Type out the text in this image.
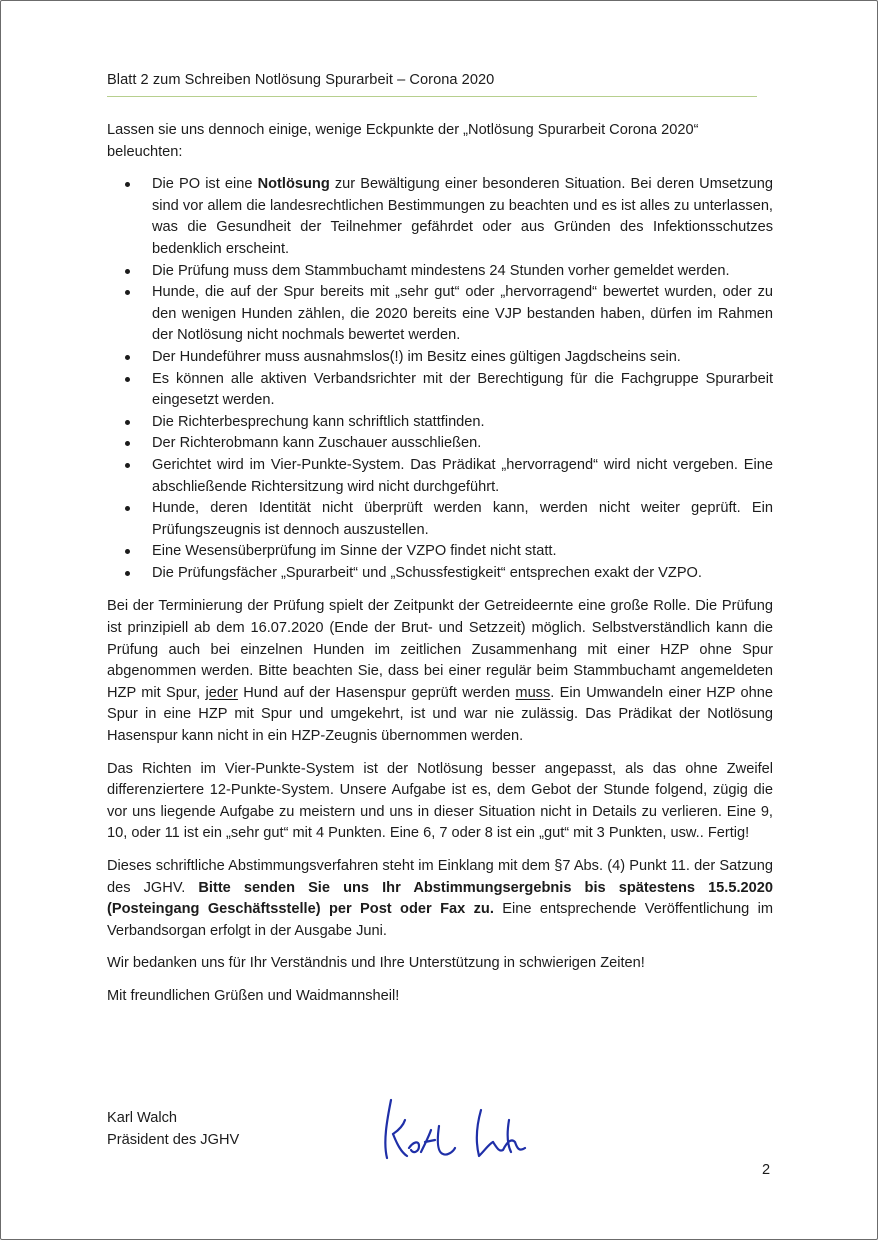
Blatt 2 zum Schreiben Notlösung Spurarbeit – Corona 2020

Lassen sie uns dennoch einige, wenige Eckpunkte der „Notlösung Spurarbeit Corona 2020“ beleuchten:

Die PO ist eine Notlösung zur Bewältigung einer besonderen Situation. Bei deren Umsetzung sind vor allem die landesrechtlichen Bestimmungen zu beachten und es ist alles zu unterlassen, was die Gesundheit der Teilnehmer gefährdet oder aus Gründen des Infektionsschutzes bedenklich erscheint.
Die Prüfung muss dem Stammbuchamt mindestens 24 Stunden vorher gemeldet werden.
Hunde, die auf der Spur bereits mit „sehr gut“ oder „hervorragend“ bewertet wurden, oder zu den wenigen Hunden zählen, die 2020 bereits eine VJP bestanden haben, dürfen im Rahmen der Notlösung nicht nochmals bewertet werden.
Der Hundeführer muss ausnahmslos(!) im Besitz eines gültigen Jagdscheins sein.
Es können alle aktiven Verbandsrichter mit der Berechtigung für die Fachgruppe Spurarbeit eingesetzt werden.
Die Richterbesprechung kann schriftlich stattfinden.
Der Richterobmann kann Zuschauer ausschließen.
Gerichtet wird im Vier-Punkte-System. Das Prädikat „hervorragend“ wird nicht vergeben. Eine abschließende Richtersitzung wird nicht durchgeführt.
Hunde, deren Identität nicht überprüft werden kann, werden nicht weiter geprüft. Ein Prüfungszeugnis ist dennoch auszustellen.
Eine Wesensüberprüfung im Sinne der VZPO findet nicht statt.
Die Prüfungsfächer „Spurarbeit“ und „Schussfestigkeit“ entsprechen exakt der VZPO.

Bei der Terminierung der Prüfung spielt der Zeitpunkt der Getreideernte eine große Rolle. Die Prüfung ist prinzipiell ab dem 16.07.2020 (Ende der Brut- und Setzzeit) möglich. Selbstverständlich kann die Prüfung auch bei einzelnen Hunden im zeitlichen Zusammenhang mit einer HZP ohne Spur abgenommen werden. Bitte beachten Sie, dass bei einer regulär beim Stammbuchamt angemeldeten HZP mit Spur, jeder Hund auf der Hasenspur geprüft werden muss. Ein Umwandeln einer HZP ohne Spur in eine HZP mit Spur und umgekehrt, ist und war nie zulässig. Das Prädikat der Notlösung Hasenspur kann nicht in ein HZP-Zeugnis übernommen werden.

Das Richten im Vier-Punkte-System ist der Notlösung besser angepasst, als das ohne Zweifel differenziertere 12-Punkte-System. Unsere Aufgabe ist es, dem Gebot der Stunde folgend, zügig die vor uns liegende Aufgabe zu meistern und uns in dieser Situation nicht in Details zu verlieren. Eine 9, 10, oder 11 ist ein „sehr gut“ mit 4 Punkten. Eine 6, 7 oder 8 ist ein „gut“ mit 3 Punkten, usw.. Fertig!

Dieses schriftliche Abstimmungsverfahren steht im Einklang mit dem §7 Abs. (4) Punkt 11. der Satzung des JGHV. Bitte senden Sie uns Ihr Abstimmungsergebnis bis spätestens 15.5.2020 (Posteingang Geschäftsstelle) per Post oder Fax zu. Eine entsprechende Veröffentlichung im Verbandsorgan erfolgt in der Ausgabe Juni.

Wir bedanken uns für Ihr Verständnis und Ihre Unterstützung in schwierigen Zeiten!

Mit freundlichen Grüßen und Waidmannsheil!

Karl Walch
Präsident des JGHV
2
